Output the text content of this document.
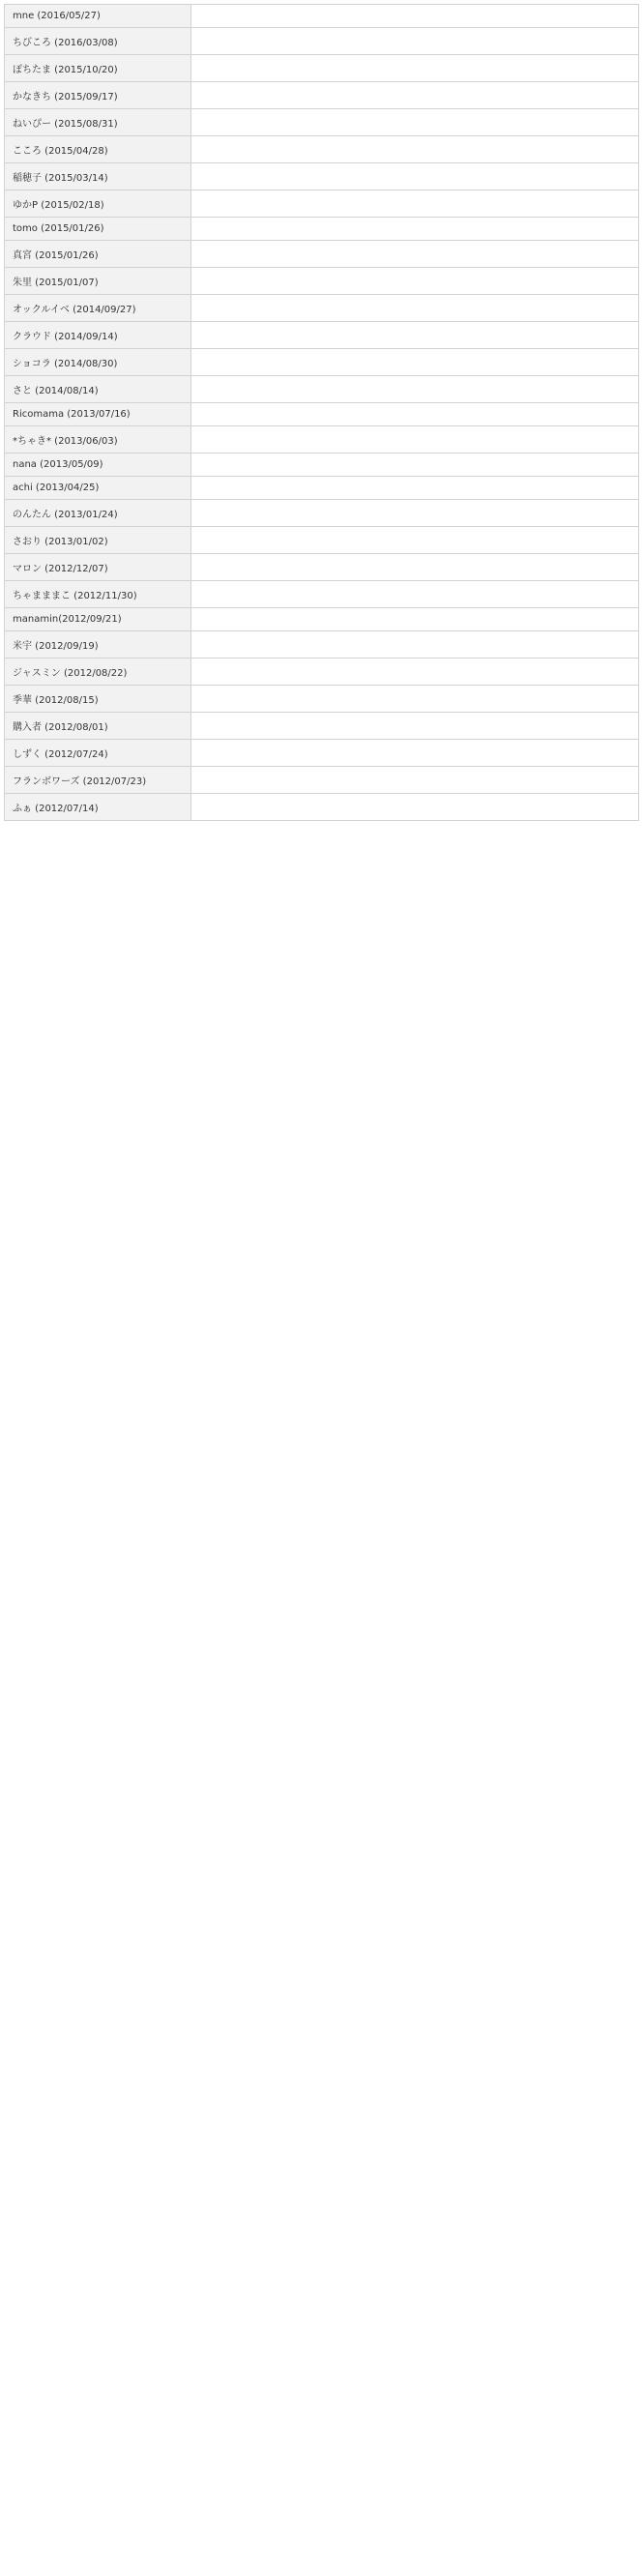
mne (2016/05/27)	
ちびころ (2016/03/08)	
ぽちたま (2015/10/20)	
かなきち (2015/09/17)	
ねいぴー (2015/08/31)	
こころ (2015/04/28)	
稲穂子 (2015/03/14)	
ゆかP (2015/02/18)	
tomo (2015/01/26)	
真宮 (2015/01/26)	
朱里 (2015/01/07)	
オックルイベ (2014/09/27)	
クラウド (2014/09/14)	
ショコラ (2014/08/30)	
さと (2014/08/14)	
Ricomama (2013/07/16)	
*ちゃき* (2013/06/03)	
nana (2013/05/09)	
achi (2013/04/25)	
のんたん (2013/01/24)	
さおり (2013/01/02)	
マロン (2012/12/07)	
ちゃまままこ (2012/11/30)	
manamin(2012/09/21)	
米宇 (2012/09/19)	
ジャスミン (2012/08/22)	
季華 (2012/08/15)	
購入者 (2012/08/01)	
しずく (2012/07/24)	
フランボワーズ (2012/07/23)	
ふぁ (2012/07/14)	
